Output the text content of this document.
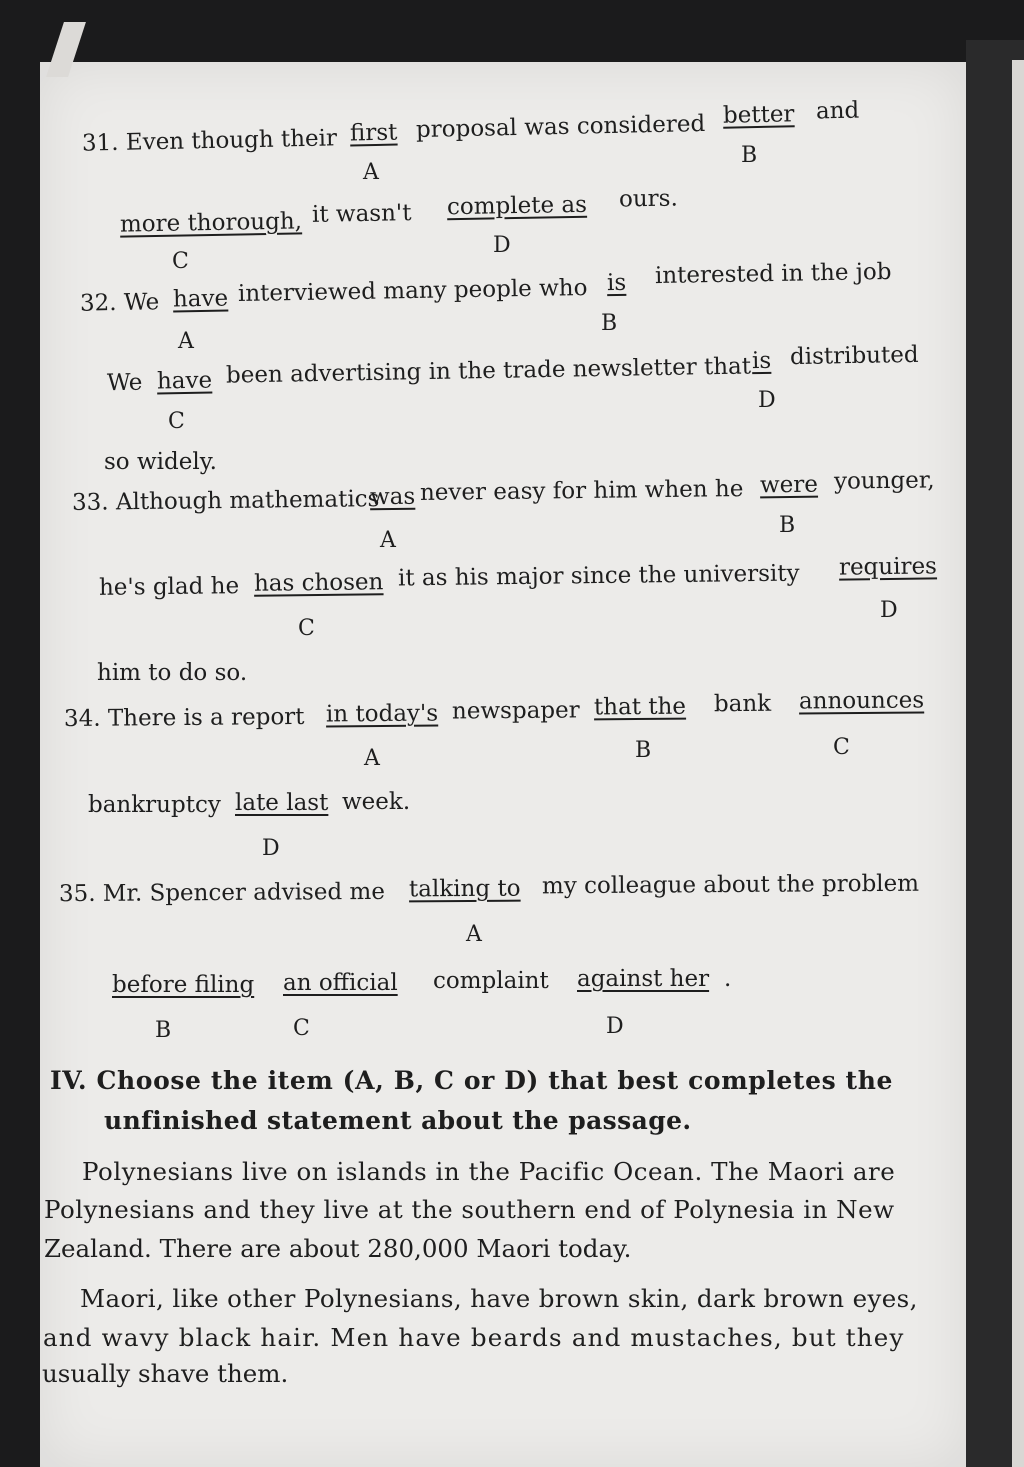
31. Even though their first proposal was considered better and
A
B
more thorough, it wasn't complete as ours.
C
D
32. We have interviewed many people who is interested in the job
A
B
We have been advertising in the trade newsletter that is distributed
C
D
so widely.
33. Although mathematics
was never easy for him when he were younger,
A
B
he's glad he has chosen it as his major since the university requires
C
D
him to do so.
34. There is a report in today's newspaper that the bank announces
A	B	C
bankruptcy late last week.
D
35. Mr. Spencer advised me talking to my colleague about the problem
A
before filing an official complaint against her .
B	C	D
IV. Choose the item (A, B, C or D) that best completes the
unfinished statement about the passage.
Polynesians live on islands in the Pacific Ocean. The Maori are
Polynesians and they live at the southern end of Polynesia in New
Zealand. There are about 280,000 Maori today.
Maori, like other Polynesians, have brown skin, dark brown eyes,
and wavy black hair. Men have beards and mustaches, but they
usually shave them.
